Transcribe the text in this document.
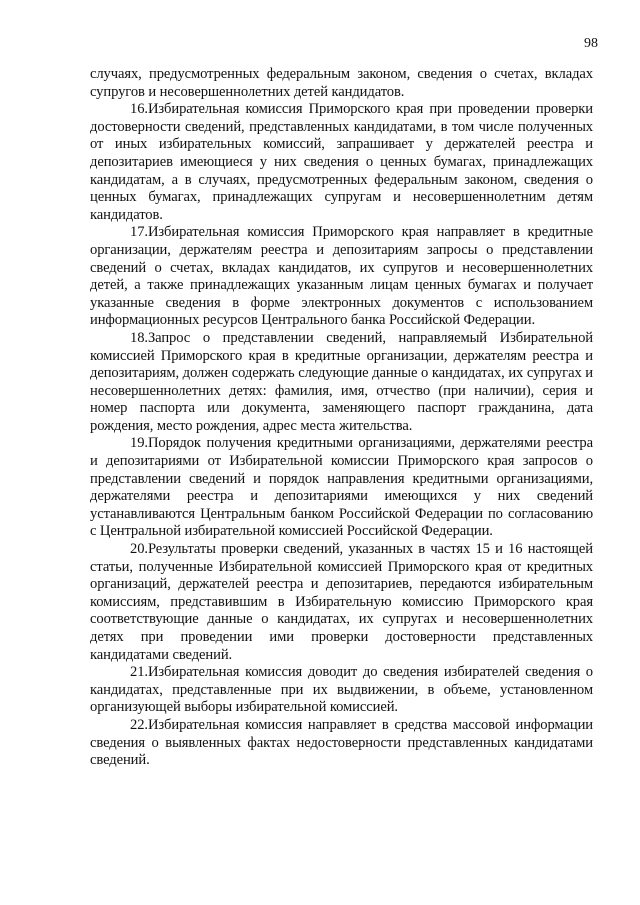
98

случаях, предусмотренных федеральным законом, сведения о счетах, вкладах супругов и несовершеннолетних детей кандидатов.

16.Избирательная комиссия Приморского края при проведении проверки достоверности сведений, представленных кандидатами, в том числе полученных от иных избирательных комиссий, запрашивает у держателей реестра и депозитариев имеющиеся у них сведения о ценных бумагах, принадлежащих кандидатам, а в случаях, предусмотренных федеральным законом, сведения о ценных бумагах, принадлежащих супругам и несовершеннолетним детям кандидатов.

17.Избирательная комиссия Приморского края направляет в кредитные организации, держателям реестра и депозитариям запросы о представлении сведений о счетах, вкладах кандидатов, их супругов и несовершеннолетних детей, а также принадлежащих указанным лицам ценных бумагах и получает указанные сведения в форме электронных документов с использованием информационных ресурсов Центрального банка Российской Федерации.

18.Запрос о представлении сведений, направляемый Избирательной комиссией Приморского края в кредитные организации, держателям реестра и депозитариям, должен содержать следующие данные о кандидатах, их супругах и несовершеннолетних детях: фамилия, имя, отчество (при наличии), серия и номер паспорта или документа, заменяющего паспорт гражданина, дата рождения, место рождения, адрес места жительства.

19.Порядок получения кредитными организациями, держателями реестра и депозитариями от Избирательной комиссии Приморского края запросов о представлении сведений и порядок направления кредитными организациями, держателями реестра и депозитариями имеющихся у них сведений устанавливаются Центральным банком Российской Федерации по согласованию с Центральной избирательной комиссией Российской Федерации.

20.Результаты проверки сведений, указанных в частях 15 и 16 настоящей статьи, полученные Избирательной комиссией Приморского края от кредитных организаций, держателей реестра и депозитариев, передаются избирательным комиссиям, представившим в Избирательную комиссию Приморского края соответствующие данные о кандидатах, их супругах и несовершеннолетних детях при проведении ими проверки достоверности представленных кандидатами сведений.

21.Избирательная комиссия доводит до сведения избирателей сведения о кандидатах, представленные при их выдвижении, в объеме, установленном организующей выборы избирательной комиссией.

22.Избирательная комиссия направляет в средства массовой информации сведения о выявленных фактах недостоверности представленных кандидатами сведений.
